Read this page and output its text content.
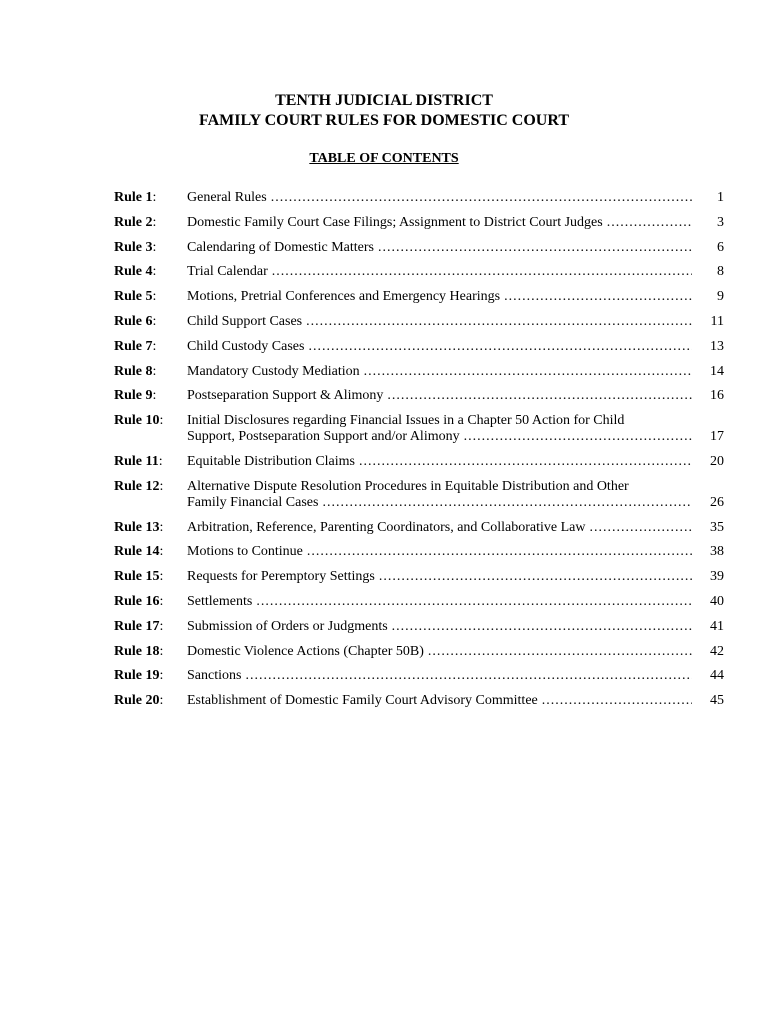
TENTH JUDICIAL DISTRICT
FAMILY COURT RULES FOR DOMESTIC COURT
TABLE OF CONTENTS
Rule 1:	General Rules .....	1
Rule 2:	Domestic Family Court Case Filings; Assignment to District Court Judges .....	3
Rule 3:	Calendaring of Domestic Matters .....	6
Rule 4:	Trial Calendar .....	8
Rule 5:	Motions, Pretrial Conferences and Emergency Hearings .....	9
Rule 6:	Child Support Cases .....	11
Rule 7:	Child Custody Cases .....	13
Rule 8:	Mandatory Custody Mediation .....	14
Rule 9:	Postseparation Support & Alimony .....	16
Rule 10:	Initial Disclosures regarding Financial Issues in a Chapter 50 Action for Child
Support, Postseparation Support and/or Alimony .....	17
Rule 11:	Equitable Distribution Claims .....	20
Rule 12:	Alternative Dispute Resolution Procedures in Equitable Distribution and Other
Family Financial Cases .....	26
Rule 13:	Arbitration, Reference, Parenting Coordinators, and Collaborative Law .....	35
Rule 14:	Motions to Continue .....	38
Rule 15:	Requests for Peremptory Settings .....	39
Rule 16:	Settlements .....	40
Rule 17:	Submission of Orders or Judgments .....	41
Rule 18:	Domestic Violence Actions (Chapter 50B) .....	42
Rule 19:	Sanctions .....	44
Rule 20:	Establishment of Domestic Family Court Advisory Committee .....	45
